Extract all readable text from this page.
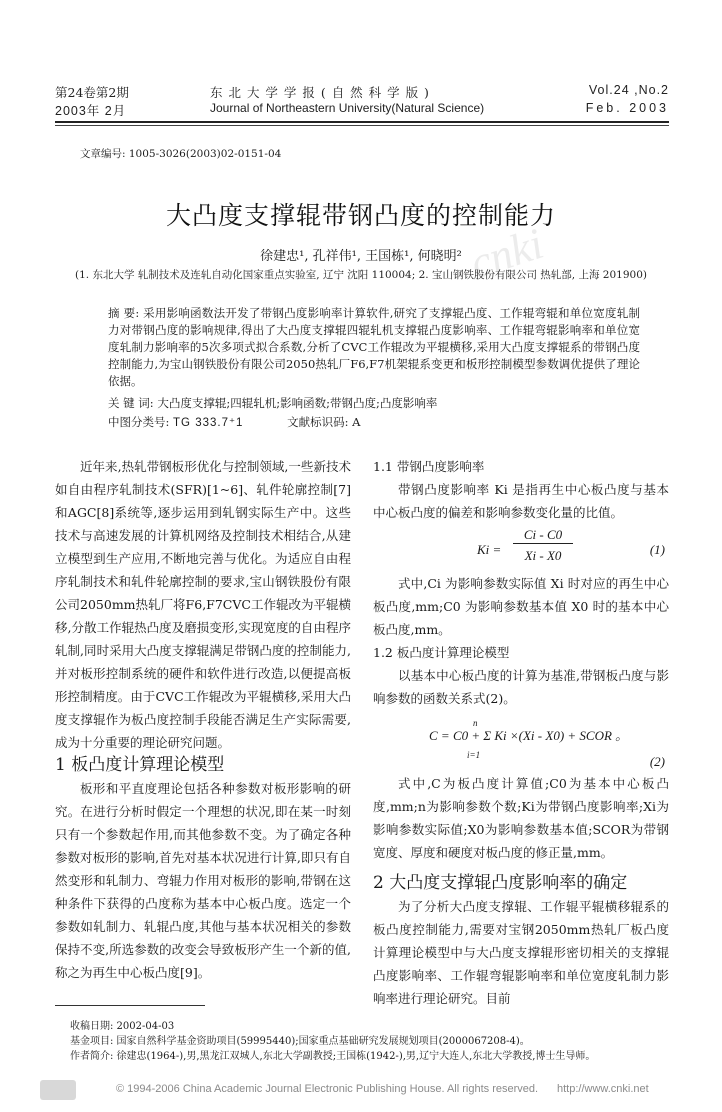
第24卷第2期
2003年 2月
东 北 大 学 学 报 ( 自 然 科 学 版 )
Journal of Northeastern University(Natural Science)
Vol.24 ,No.2
Feb. 2003
文章编号: 1005-3026(2003)02-0151-04
cnki
大凸度支撑辊带钢凸度的控制能力
徐建忠¹, 孔祥伟¹, 王国栋¹, 何晓明²
(1. 东北大学 轧制技术及连轧自动化国家重点实验室, 辽宁 沈阳 110004; 2. 宝山钢铁股份有限公司 热轧部, 上海 201900)
摘 要: 采用影响函数法开发了带钢凸度影响率计算软件,研究了支撑辊凸度、工作辊弯辊和单位宽度轧制力对带钢凸度的影响规律,得出了大凸度支撑辊四辊轧机支撑辊凸度影响率、工作辊弯辊影响率和单位宽度轧制力影响率的5次多项式拟合系数,分析了CVC工作辊改为平辊横移,采用大凸度支撑辊系的带钢凸度控制能力,为宝山钢铁股份有限公司2050热轧厂F6,F7机架辊系变更和板形控制模型参数调优提供了理论依据。
关 键 词: 大凸度支撑辊;四辊轧机;影响函数;带钢凸度;凸度影响率
中图分类号: TG 333.7⁺1	文献标识码: A

近年来,热轧带钢板形优化与控制领域,一些新技术如自由程序轧制技术(SFR)[1~6]、轧件轮廓控制[7]和AGC[8]系统等,逐步运用到轧钢实际生产中。这些技术与高速发展的计算机网络及控制技术相结合,从建立模型到生产应用,不断地完善与优化。为适应自由程序轧制技术和轧件轮廓控制的要求,宝山钢铁股份有限公司2050mm热轧厂将F6,F7CVC工作辊改为平辊横移,分散工作辊热凸度及磨损变形,实现宽度的自由程序轧制,同时采用大凸度支撑辊满足带钢凸度的控制能力,并对板形控制系统的硬件和软件进行改造,以便提高板形控制精度。由于CVC工作辊改为平辊横移,采用大凸度支撑辊作为板凸度控制手段能否满足生产实际需要,成为十分重要的理论研究问题。

1 板凸度计算理论模型

板形和平直度理论包括各种参数对板形影响的研究。在进行分析时假定一个理想的状况,即在某一时刻只有一个参数起作用,而其他参数不变。为了确定各种参数对板形的影响,首先对基本状况进行计算,即只有自然变形和轧制力、弯辊力作用对板形的影响,带钢在这种条件下获得的凸度称为基本中心板凸度。选定一个参数如轧制力、轧辊凸度,其他与基本状况相关的参数保持不变,所选参数的改变会导致板形产生一个新的值,称之为再生中心板凸度[9]。

1.1 带钢凸度影响率

带钢凸度影响率 Ki 是指再生中心板凸度与基本中心板凸度的偏差和影响参数变化量的比值。

Ki =
Ci - C0
Xi - X0	(1)

式中,Ci 为影响参数实际值 Xi 时对应的再生中心板凸度,mm;C0 为影响参数基本值 X0 时的基本中心板凸度,mm。

1.2 板凸度计算理论模型

以基本中心板凸度的计算为基准,带钢板凸度与影响参数的函数关系式(2)。

n
C = C0 + Σ Ki ×(Xi - X0) + SCOR 。
i=1	(2)

式中,C为板凸度计算值;C0为基本中心板凸度,mm;n为影响参数个数;Ki为带钢凸度影响率;Xi为影响参数实际值;X0为影响参数基本值;SCOR为带钢宽度、厚度和硬度对板凸度的修正量,mm。

2 大凸度支撑辊凸度影响率的确定

为了分析大凸度支撑辊、工作辊平辊横移辊系的板凸度控制能力,需要对宝钢2050mm热轧厂板凸度计算理论模型中与大凸度支撑辊形密切相关的支撑辊凸度影响率、工作辊弯辊影响率和单位宽度轧制力影响率进行理论研究。目前

收稿日期: 2002-04-03
基金项目: 国家自然科学基金资助项目(59995440);国家重点基础研究发展规划项目(2000067208-4)。
作者简介: 徐建忠(1964-),男,黑龙江双城人,东北大学副教授;王国栋(1942-),男,辽宁大连人,东北大学教授,博士生导师。
© 1994-2006 China Academic Journal Electronic Publishing House. All rights reserved. http://www.cnki.net
